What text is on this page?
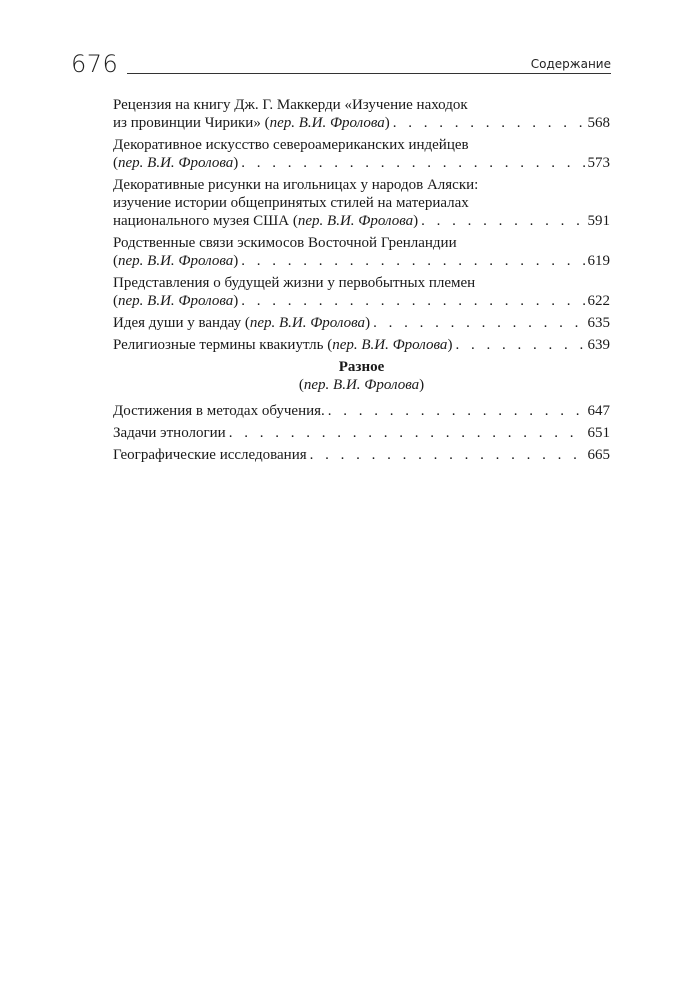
676	Содержание
Рецензия на книгу Дж. Г. Маккерди «Изучение находок
из провинции Чирики» (пер. В.И. Фролова) . . .	568
Декоративное искусство североамериканских индейцев
(пер. В.И. Фролова) . . .	573
Декоративные рисунки на игольницах у народов Аляски:
изучение истории общепринятых стилей на материалах
национального музея США (пер. В.И. Фролова) . . .	591
Родственные связи эскимосов Восточной Гренландии
(пер. В.И. Фролова) . . .	619
Представления о будущей жизни у первобытных племен
(пер. В.И. Фролова) . . .	622
Идея души у вандау (пер. В.И. Фролова) . . .	635
Религиозные термины квакиутль (пер. В.И. Фролова) . . .	639
Разное
(пер. В.И. Фролова)
Достижения в методах обучения. . . .	647
Задачи этнологии . . .	651
Географические исследования . . .	665
